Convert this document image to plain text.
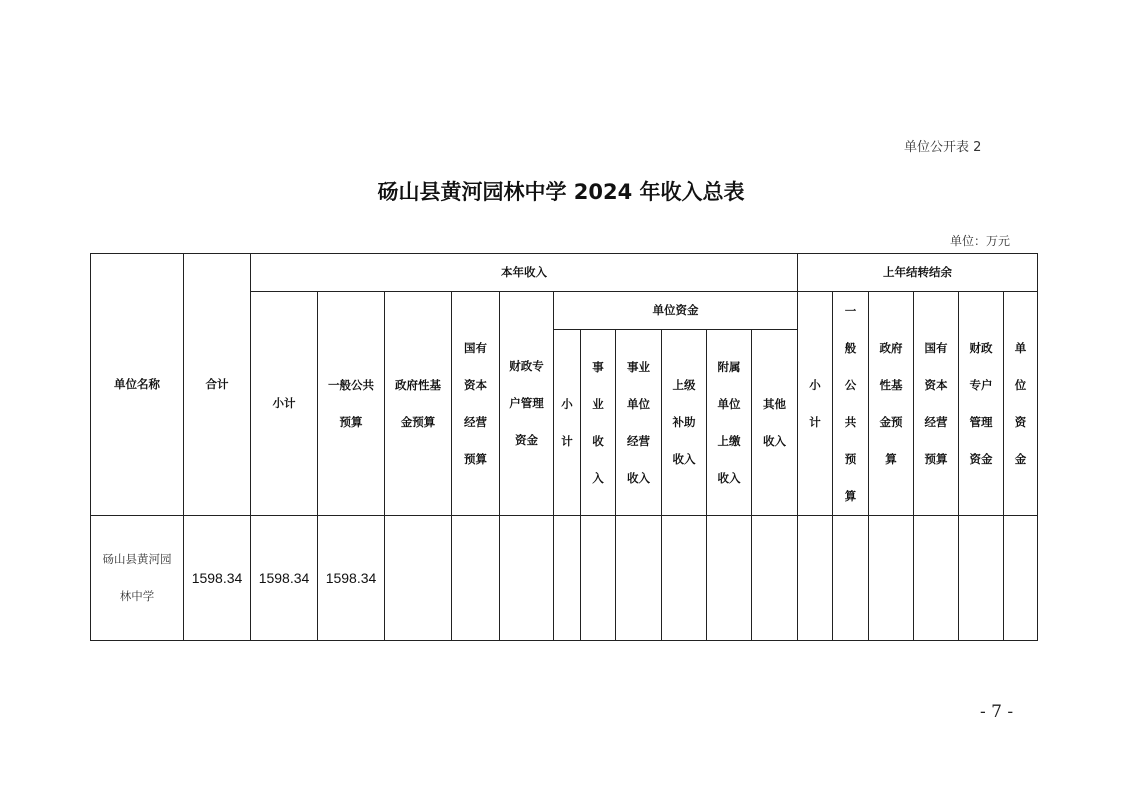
单位公开表 2
砀山县黄河园林中学 2024 年收入总表
单位：万元
单位名称	合计	本年收入											上年结转结余					
		小计	一般公共预算	政府性基金预算	国有资本经营预算	财政专户管理资金	单位资金						小计	一般公共预算	政府性基金预算	国有资本经营预算	财政专户管理资金	单位资金

							小计	事业收入	事业单位经营收入	上级补助收入	附属单位上缴收入	其他收入						

砀山县黄河园林中学	1598.34	1598.34	1598.34															
- 7 -
